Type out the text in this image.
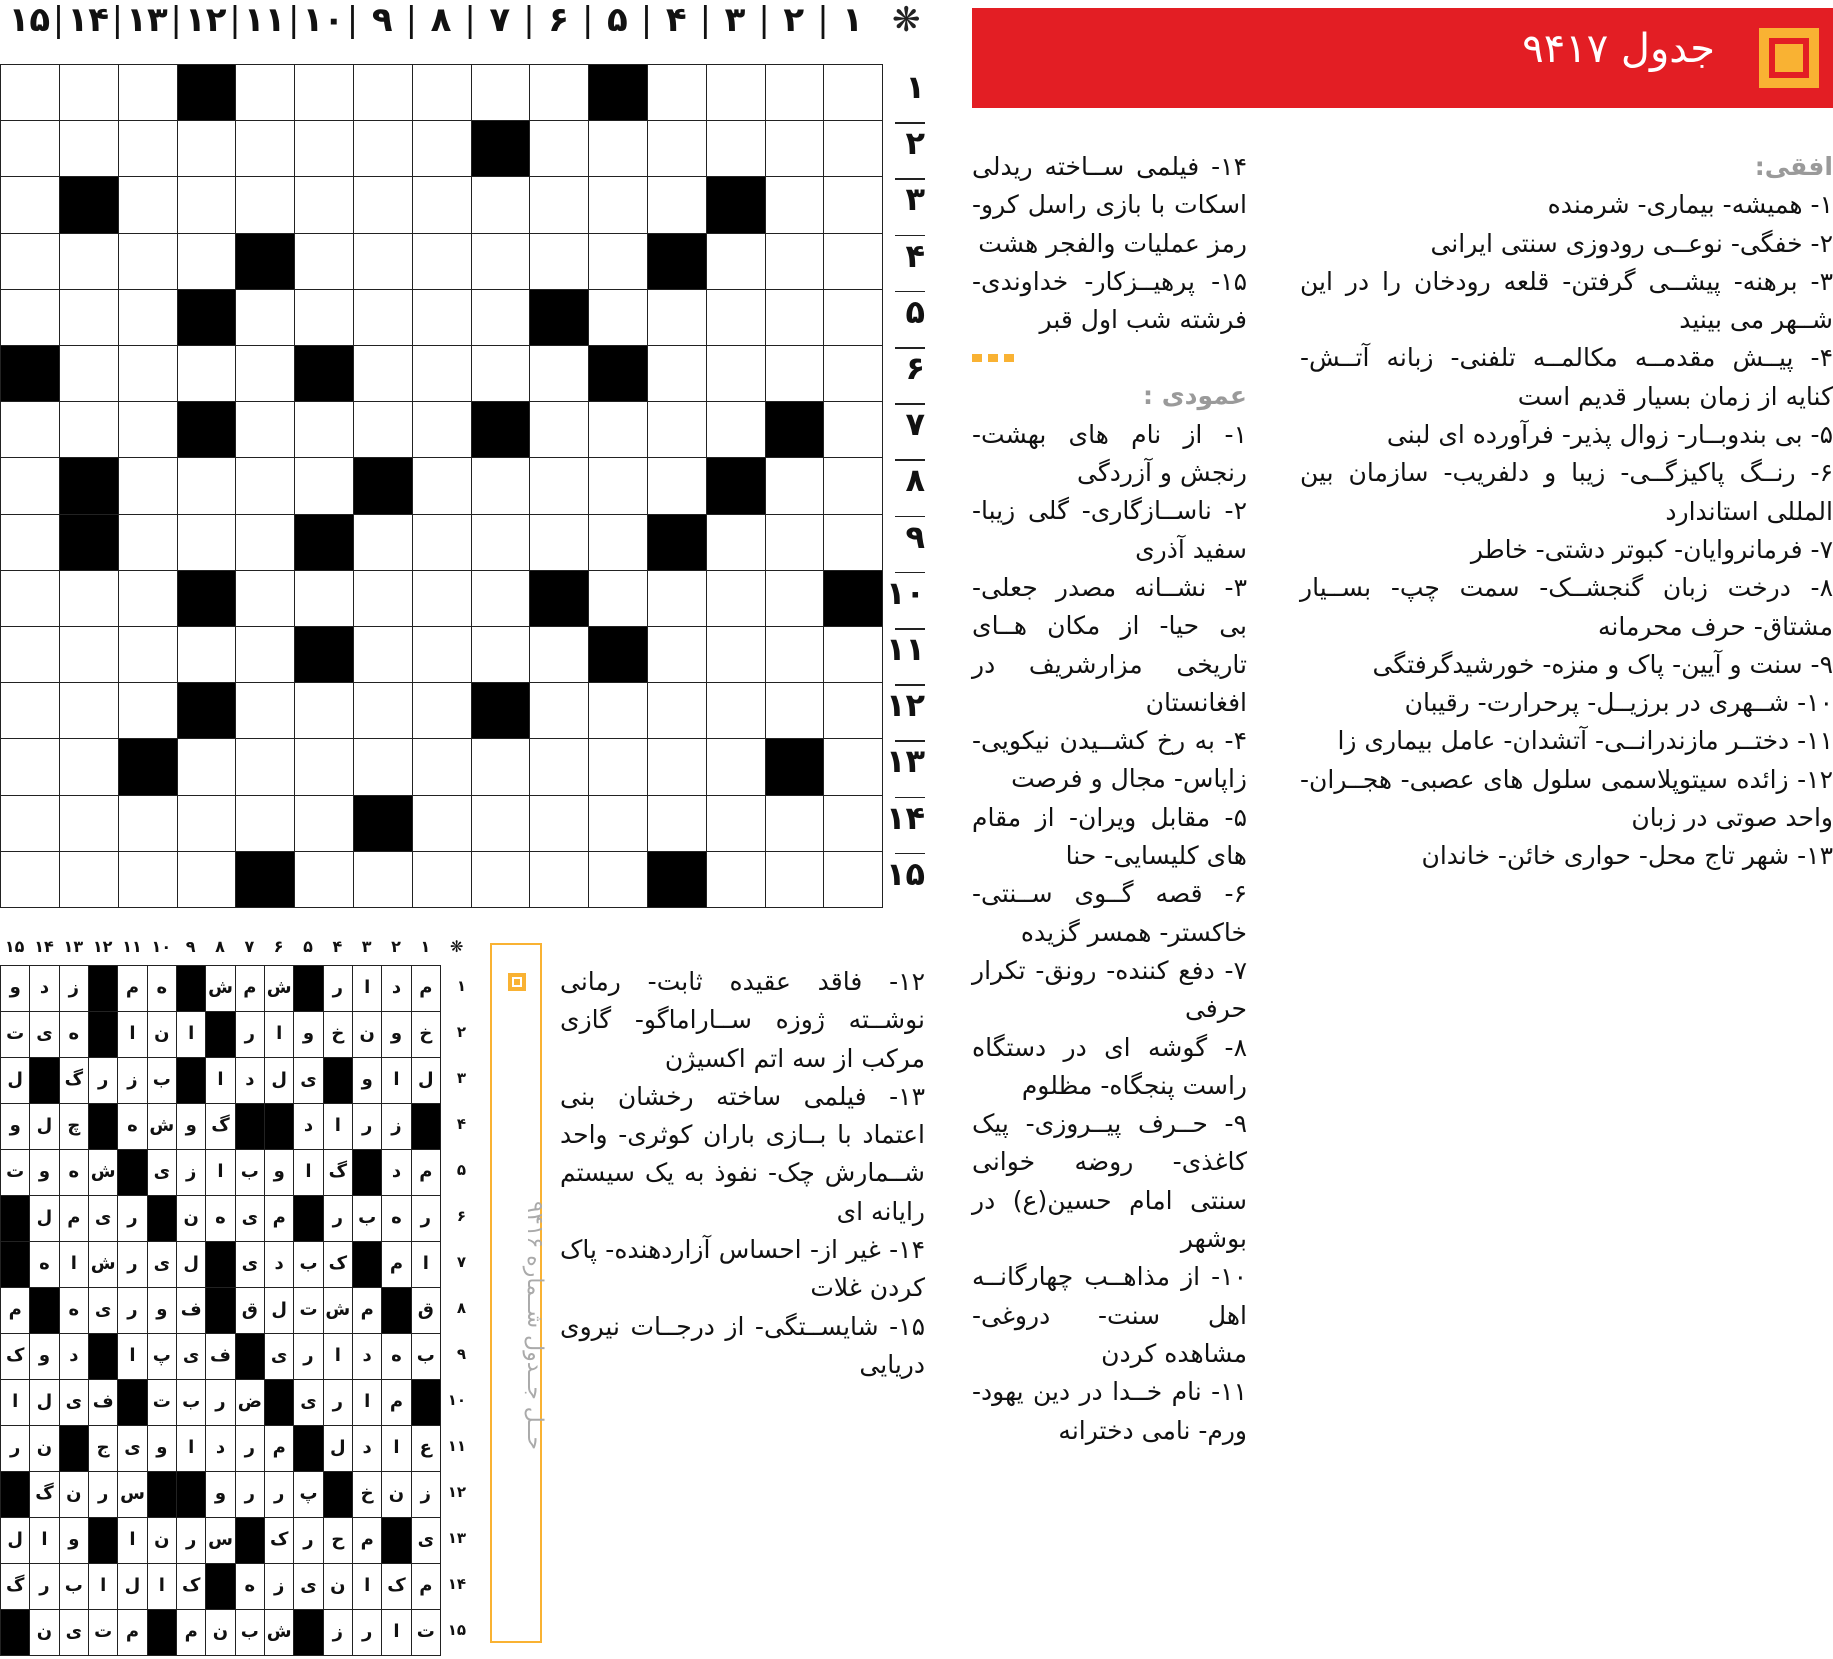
❋
۱
|
۲
|
۳
|
۴
|
۵
|
۶
|
۷
|
۸
|
۹
|
۱۰
|
۱۱
|
۱۲
|
۱۳
|
۱۴
|
۱۵
۱
۲
۳
۴
۵
۶
۷
۸
۹
۱۰
۱۱
۱۲
۱۳
۱۴
۱۵
جدول ۹۴۱۷

افقی:

۱- همیشه- بیماری- شرمنده

۲- خفگی- نوعــی رودوزی سنتی ایرانی

۳- برهنه- پیشــی گرفتن- قلعه رودخان را در این شــهر می بینید

۴- پیــش مقدمــه مکالمــه تلفنی- زبانه آتــش- کنایه از زمان بسیار قدیم است

۵- بی بندوبــار- زوال پذیر- فرآورده ای لبنی

۶- رنــگ پاکیزگــی- زیبا و دلفریب- سازمان بین المللی استاندارد

۷- فرمانروایان- کبوتر دشتی- خاطر

۸- درخت زبان گنجشــک- سمت چپ- بســیار مشتاق- حرف محرمانه

۹- سنت و آیین- پاک و منزه- خورشیدگرفتگی

۱۰- شــهری در برزیــل- پرحرارت- رقیبان

۱۱- دختــر مازندرانــی- آتشدان- عامل بیماری زا

۱۲- زائده سیتوپلاسمی سلول های عصبی- هجــران- واحد صوتی در زبان

۱۳- شهر تاج محل- حواری خائن- خاندان

۱۴- فیلمی ســاخته ریدلی اسکات با بازی راسل کرو- رمز عملیات والفجر هشت

۱۵- پرهیــزکار- خداوندی- فرشته شب اول قبر

عمودی :

۱- از نام های بهشت- رنجش و آزردگی

۲- ناســازگاری- گلی زیبا- سفید آذری

۳- نشــانه مصدر جعلی- بی حیا- از مکان هــای تاریخی مزارشریف در افغانستان

۴- به رخ کشــیدن نیکویی- زاپاس- مجال و فرصت

۵- مقابل ویران- از مقام های کلیسایی- حنا

۶- قصه گــوی ســنتی- خاکستر- همسر گزیده

۷- دفع کننده- رونق- تکرار حرفی

۸- گوشه ای در دستگاه راست پنجگاه- مظلوم

۹- حــرف پیــروزی- پیک کاغذی- روضه خوانی سنتی امام حسین(ع) در بوشهر

۱۰- از مذاهــب چهارگانــه اهل سنت- دروغی- مشاهده کردن

۱۱- نام خــدا در دین یهود- ورم- نامی دخترانه

۱۲- فاقد عقیده ثابت- رمانی نوشــته ژوزه ســاراماگو- گازی مرکب از سه اتم اکسیژن

۱۳- فیلمی ساخته رخشان بنی اعتماد با بــازی باران کوثری- واحد شــمارش چک- نفوذ به یک سیستم رایانه ای

۱۴- غیر از- احساس آزاردهنده- پاک کردن غلات

۱۵- شایســتگی- از درجــات نیروی دریایی

❋
۱
۲
۳
۴
۵
۶
۷
۸
۹
۱۰
۱۱
۱۲
۱۳
۱۴
۱۵
م
د
ا
ر
ش
م
ش
ه
م
ز
د
و
خ
و
ن
خ
و
ا
ر
ا
ن
ا
ه
ی
ت
ل
ا
و
ی
ل
د
ا
ب
ز
ر
گ
ل
ز
ر
ا
د
گ
و
ش
ه
چ
ل
و
م
د
گ
ا
و
ب
ا
ز
ی
ش
ه
و
ت
ر
ه
ب
ر
م
ی
ه
ن
ر
ی
م
ل
ا
م
ک
ب
د
ی
ل
ی
ر
ش
ا
ه
ق
م
ش
ت
ل
ق
ف
و
ر
ی
ه
م
ب
ه
د
ا
ر
ی
ف
ی
پ
ا
د
و
ک
م
ا
ر
ی
ض
ر
ب
ت
ف
ی
ل
ا
ع
ا
د
ل
م
ر
د
ا
و
ی
ج
ن
ر
ز
ن
خ
پ
ر
ر
و
س
ر
ن
گ
ی
م
ح
ر
ک
س
ر
ن
ا
و
ا
ل
م
ک
ا
ن
ی
ز
ه
ک
ا
ل
ا
ب
ر
گ
ت
ا
ر
ز
ش
ب
ن
م
م
ت
ی
ن
۱
۲
۳
۴
۵
۶
۷
۸
۹
۱۰
۱۱
۱۲
۱۳
۱۴
۱۵
حــل جــدول شــماره ۹۴۱۶
